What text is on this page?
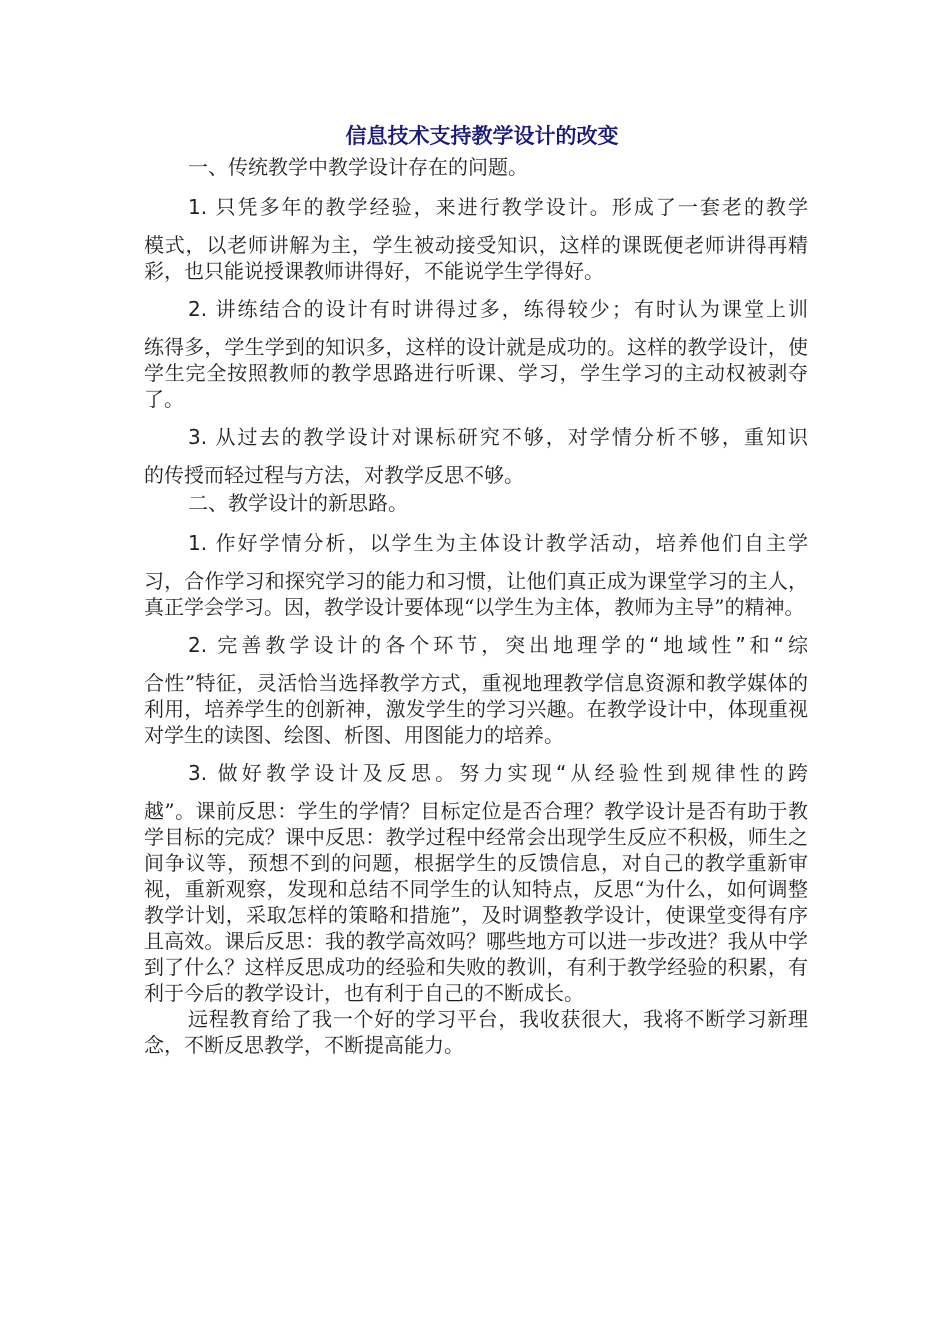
信息技术支持教学设计的改变

一、传统教学中教学设计存在的问题。

1. 只凭多年的教学经验，来进行教学设计。形成了一套老的教学

模式，以老师讲解为主，学生被动接受知识，这样的课既便老师讲得再精彩，也只能说授课教师讲得好，不能说学生学得好。

2. 讲练结合的设计有时讲得过多，练得较少；有时认为课堂上训

练得多，学生学到的知识多，这样的设计就是成功的。这样的教学设计，使学生完全按照教师的教学思路进行听课、学习，学生学习的主动权被剥夺了。

3. 从过去的教学设计对课标研究不够，对学情分析不够，重知识

的传授而轻过程与方法，对教学反思不够。

二、教学设计的新思路。

1. 作好学情分析，以学生为主体设计教学活动，培养他们自主学

习，合作学习和探究学习的能力和习惯，让他们真正成为课堂学习的主人，真正学会学习。因，教学设计要体现“以学生为主体，教师为主导”的精神。

2. 完善教学设计的各个环节，突出地理学的“地域性”和“综

合性”特征，灵活恰当选择教学方式，重视地理教学信息资源和教学媒体的利用，培养学生的创新神，激发学生的学习兴趣。在教学设计中，体现重视对学生的读图、绘图、析图、用图能力的培养。

3. 做好教学设计及反思。努力实现“从经验性到规律性的跨

越”。课前反思：学生的学情？目标定位是否合理？教学设计是否有助于教学目标的完成？课中反思：教学过程中经常会出现学生反应不积极，师生之间争议等，预想不到的问题，根据学生的反馈信息，对自己的教学重新审视，重新观察，发现和总结不同学生的认知特点，反思“为什么，如何调整教学计划，采取怎样的策略和措施”，及时调整教学设计，使课堂变得有序且高效。课后反思：我的教学高效吗？哪些地方可以进一步改进？我从中学到了什么？这样反思成功的经验和失败的教训，有利于教学经验的积累，有利于今后的教学设计，也有利于自己的不断成长。

远程教育给了我一个好的学习平台，我收获很大，我将不断学习新理念，不断反思教学，不断提高能力。
